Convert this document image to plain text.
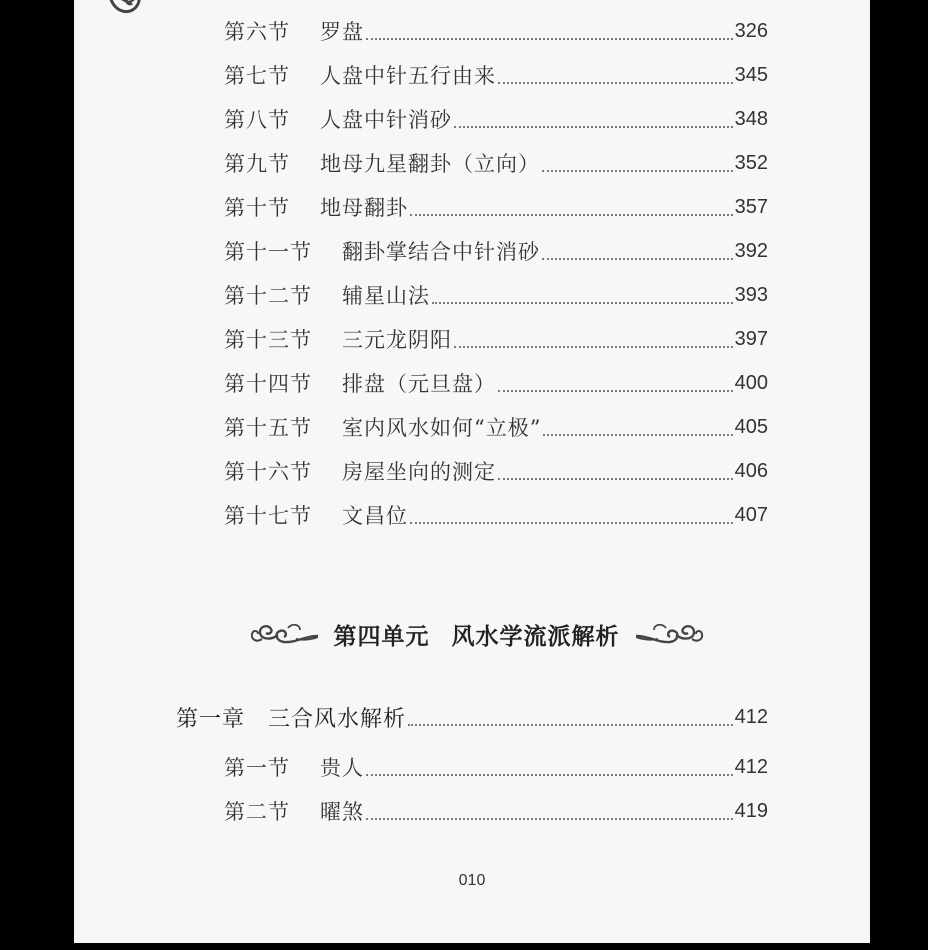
第六节	罗盘	326
第七节	人盘中针五行由来	345
第八节	人盘中针消砂	348
第九节	地母九星翻卦（立向）	352
第十节	地母翻卦	357
第十一节	翻卦掌结合中针消砂	392
第十二节	辅星山法	393
第十三节	三元龙阴阳	397
第十四节	排盘（元旦盘）	400
第十五节	室内风水如何“立极”	405
第十六节	房屋坐向的测定	406
第十七节	文昌位	407
第四单元 风水学流派解析
第一章	三合风水解析	412
第一节	贵人	412
第二节	曜煞	419
010
